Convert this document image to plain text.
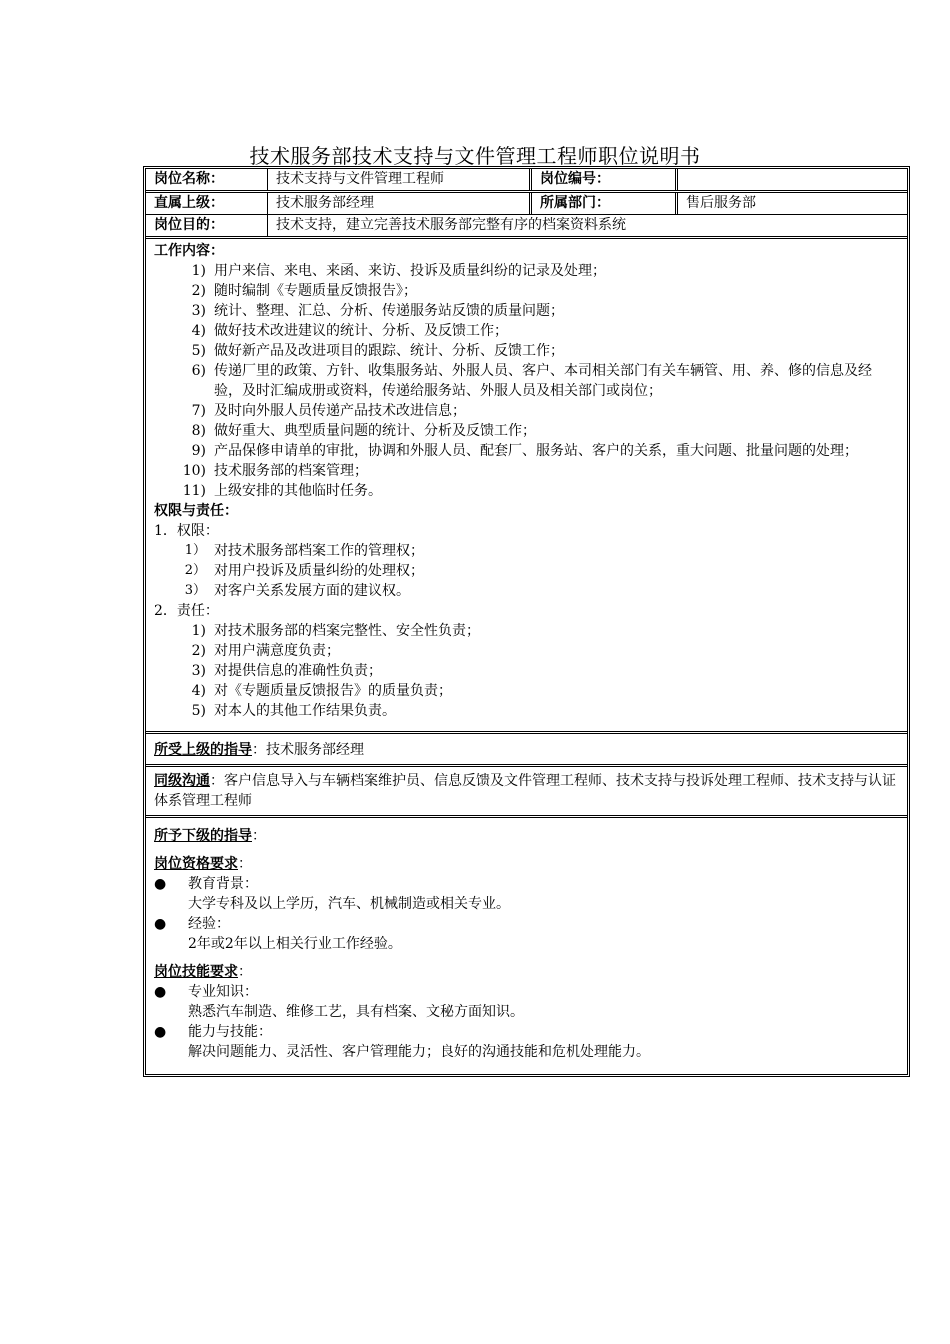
技术服务部技术支持与文件管理工程师职位说明书
岗位名称：	技术支持与文件管理工程师	岗位编号：
直属上级：	技术服务部经理	所属部门：	售后服务部
岗位目的：	技术支持，建立完善技术服务部完整有序的档案资料系统
工作内容：
1) 用户来信、来电、来函、来访、投诉及质量纠纷的记录及处理；
2) 随时编制《专题质量反馈报告》；
3) 统计、整理、汇总、分析、传递服务站反馈的质量问题；
4) 做好技术改进建议的统计、分析、及反馈工作；
5) 做好新产品及改进项目的跟踪、统计、分析、反馈工作；
6) 传递厂里的政策、方针、收集服务站、外服人员、客户、本司相关部门有关车辆管、用、养、修的信息及经验，及时汇编成册或资料，传递给服务站、外服人员及相关部门或岗位；
7) 及时向外服人员传递产品技术改进信息；
8) 做好重大、典型质量问题的统计、分析及反馈工作；
9) 产品保修申请单的审批，协调和外服人员、配套厂、服务站、客户的关系，重大问题、批量问题的处理；
10) 技术服务部的档案管理；
11) 上级安排的其他临时任务。
权限与责任：
1．权限：
1） 对技术服务部档案工作的管理权；
2） 对用户投诉及质量纠纷的处理权；
3） 对客户关系发展方面的建议权。
2．责任：
1) 对技术服务部的档案完整性、安全性负责；
2) 对用户满意度负责；
3) 对提供信息的准确性负责；
4) 对《专题质量反馈报告》的质量负责；
5) 对本人的其他工作结果负责。
所受上级的指导：技术服务部经理
同级沟通：客户信息导入与车辆档案维护员、信息反馈及文件管理工程师、技术支持与投诉处理工程师、技术支持与认证体系管理工程师
所予下级的指导：
岗位资格要求：
●	教育背景：
大学专科及以上学历，汽车、机械制造或相关专业。
●	经验：
2年或2年以上相关行业工作经验。
岗位技能要求：
●	专业知识：
熟悉汽车制造、维修工艺，具有档案、文秘方面知识。
●	能力与技能：
解决问题能力、灵活性、客户管理能力；良好的沟通技能和危机处理能力。
